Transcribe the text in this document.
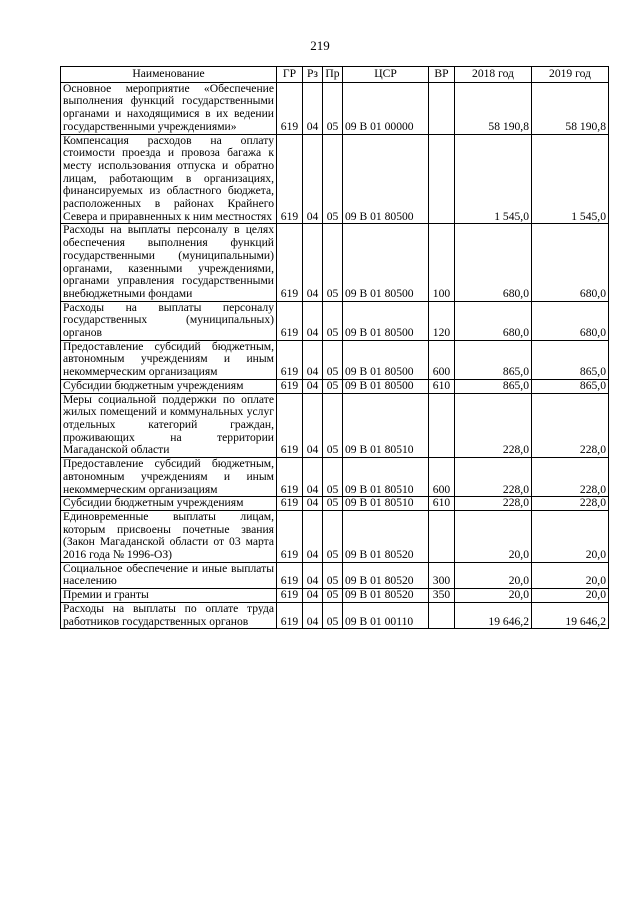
219
Наименование	ГР	Рз	Пр	ЦСР	ВР	2018 год	2019 год
Основное мероприятие «Обеспечение выполнения функций государственными органами и находящимися в их ведении государственными учреждениями»	619	04	05	09 В 01 00000		58 190,8	58 190,8
Компенсация расходов на оплату стоимости проезда и провоза багажа к месту использования отпуска и обратно лицам, работающим в организациях, финансируемых из областного бюджета, расположенных в районах Крайнего Севера и приравненных к ним местностях	619	04	05	09 В 01 80500		1 545,0	1 545,0
Расходы на выплаты персоналу в целях обеспечения выполнения функций государственными (муниципальными) органами, казенными учреждениями, органами управления государственными внебюджетными фондами	619	04	05	09 В 01 80500	100	680,0	680,0
Расходы на выплаты персоналу государственных (муниципальных) органов	619	04	05	09 В 01 80500	120	680,0	680,0
Предоставление субсидий бюджетным, автономным учреждениям и иным некоммерческим организациям	619	04	05	09 В 01 80500	600	865,0	865,0
Субсидии бюджетным учреждениям	619	04	05	09 В 01 80500	610	865,0	865,0
Меры социальной поддержки по оплате жилых помещений и коммунальных услуг отдельных категорий граждан, проживающих на территории Магаданской области	619	04	05	09 В 01 80510		228,0	228,0
Предоставление субсидий бюджетным, автономным учреждениям и иным некоммерческим организациям	619	04	05	09 В 01 80510	600	228,0	228,0
Субсидии бюджетным учреждениям	619	04	05	09 В 01 80510	610	228,0	228,0
Единовременные выплаты лицам, которым присвоены почетные звания (Закон Магаданской области от 03 марта 2016 года № 1996-ОЗ)	619	04	05	09 В 01 80520		20,0	20,0
Социальное обеспечение и иные выплаты населению	619	04	05	09 В 01 80520	300	20,0	20,0
Премии и гранты	619	04	05	09 В 01 80520	350	20,0	20,0
Расходы на выплаты по оплате труда работников государственных органов	619	04	05	09 В 01 00110		19 646,2	19 646,2
